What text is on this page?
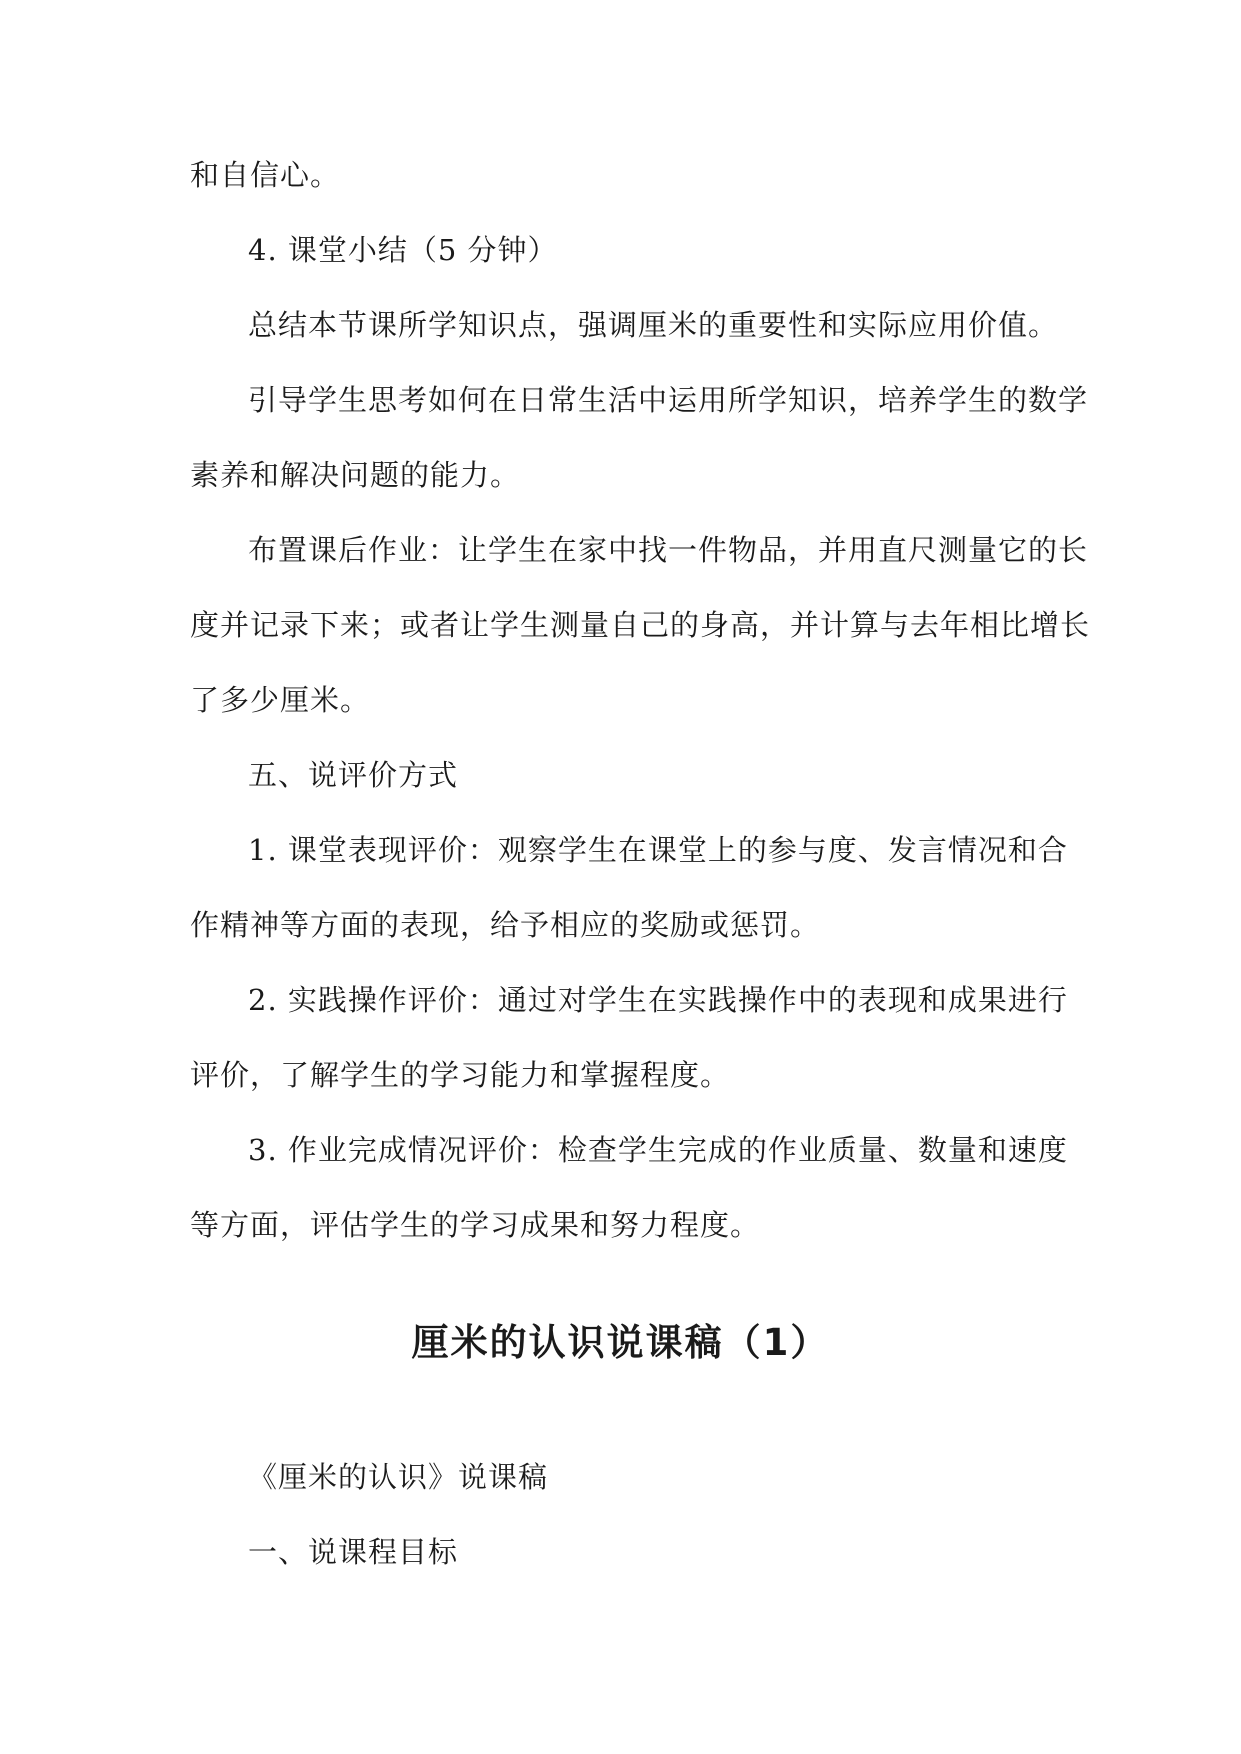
和自信心。

4. 课堂小结（5 分钟）

总结本节课所学知识点，强调厘米的重要性和实际应用价值。

引导学生思考如何在日常生活中运用所学知识，培养学生的数学

素养和解决问题的能力。

布置课后作业：让学生在家中找一件物品，并用直尺测量它的长

度并记录下来；或者让学生测量自己的身高，并计算与去年相比增长

了多少厘米。

五、说评价方式

1. 课堂表现评价：观察学生在课堂上的参与度、发言情况和合

作精神等方面的表现，给予相应的奖励或惩罚。

2. 实践操作评价：通过对学生在实践操作中的表现和成果进行

评价，了解学生的学习能力和掌握程度。

3. 作业完成情况评价：检查学生完成的作业质量、数量和速度

等方面，评估学生的学习成果和努力程度。

厘米的认识说课稿（1）

《厘米的认识》说课稿

一、说课程目标
